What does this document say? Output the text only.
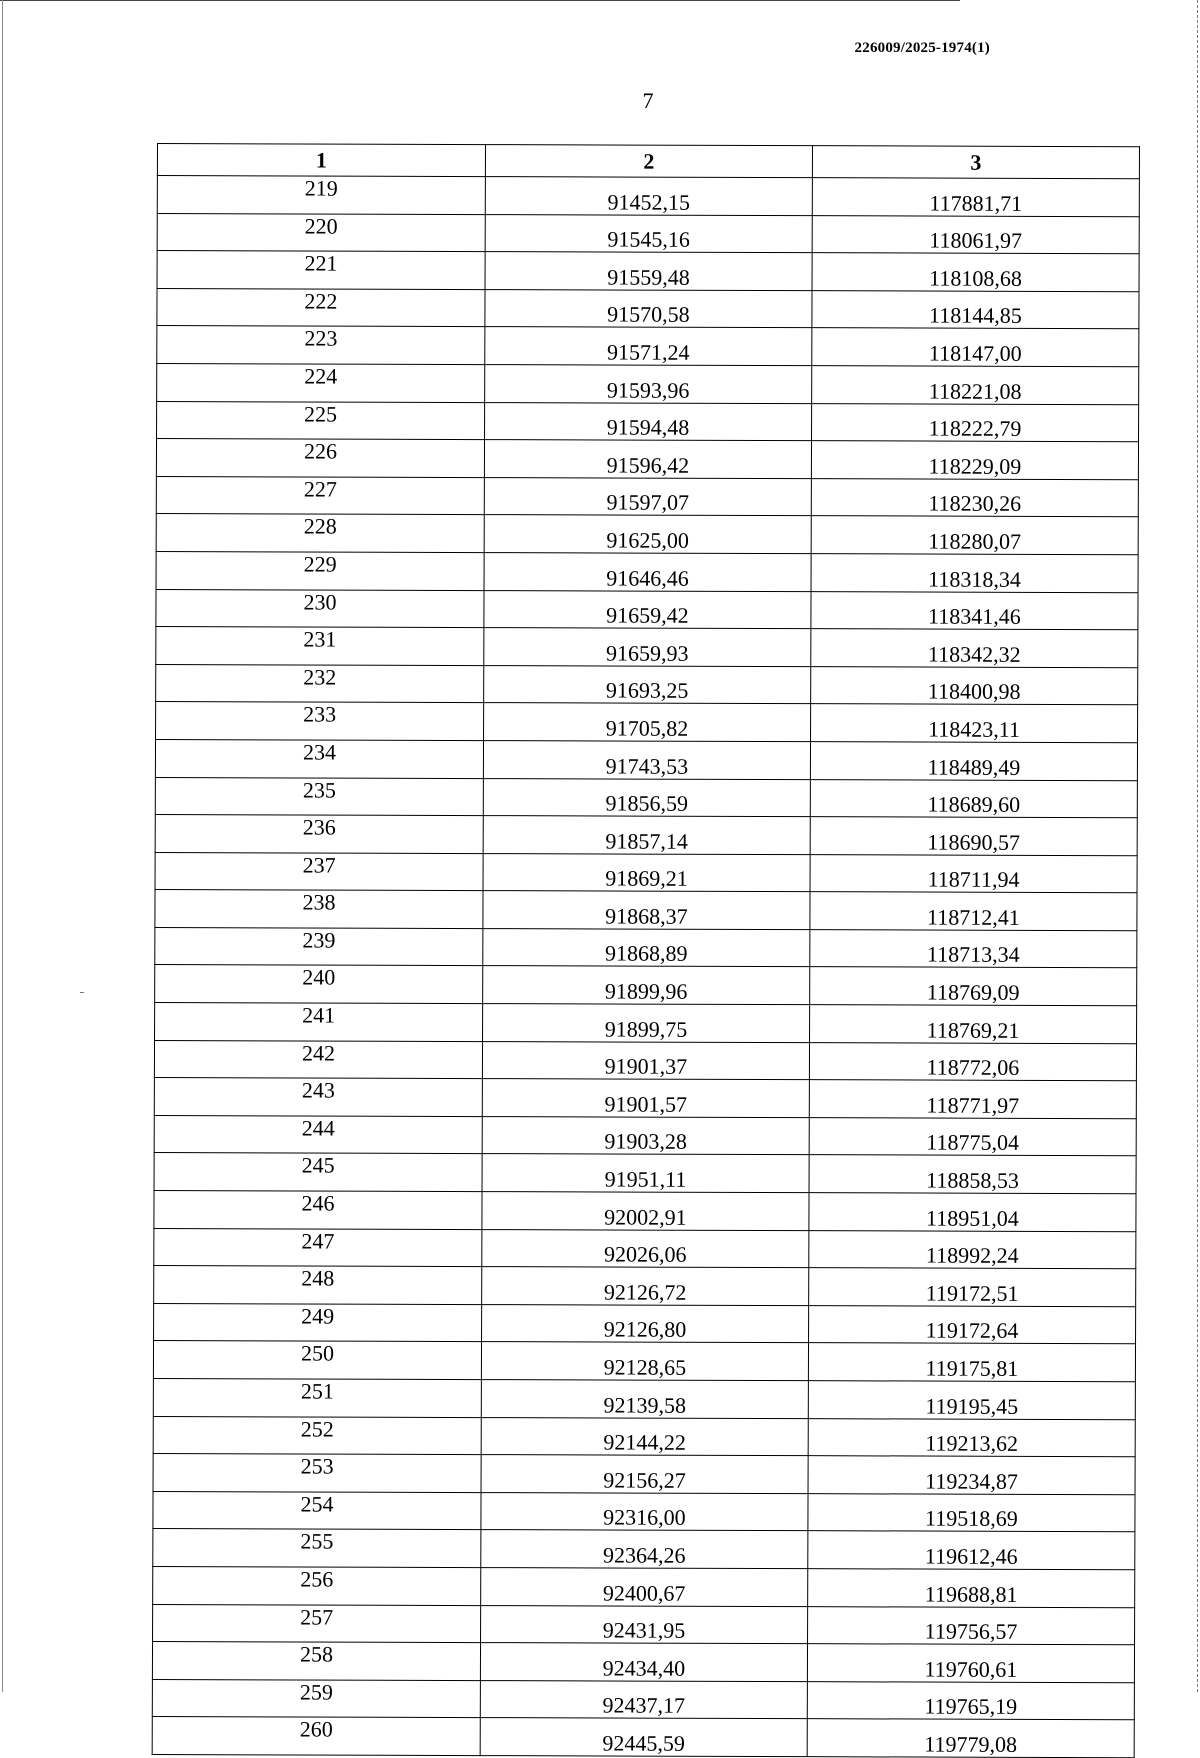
226009/2025-1974(1)
7
1	2	3
219	91452,15	117881,71
220	91545,16	118061,97
221	91559,48	118108,68
222	91570,58	118144,85
223	91571,24	118147,00
224	91593,96	118221,08
225	91594,48	118222,79
226	91596,42	118229,09
227	91597,07	118230,26
228	91625,00	118280,07
229	91646,46	118318,34
230	91659,42	118341,46
231	91659,93	118342,32
232	91693,25	118400,98
233	91705,82	118423,11
234	91743,53	118489,49
235	91856,59	118689,60
236	91857,14	118690,57
237	91869,21	118711,94
238	91868,37	118712,41
239	91868,89	118713,34
240	91899,96	118769,09
241	91899,75	118769,21
242	91901,37	118772,06
243	91901,57	118771,97
244	91903,28	118775,04
245	91951,11	118858,53
246	92002,91	118951,04
247	92026,06	118992,24
248	92126,72	119172,51
249	92126,80	119172,64
250	92128,65	119175,81
251	92139,58	119195,45
252	92144,22	119213,62
253	92156,27	119234,87
254	92316,00	119518,69
255	92364,26	119612,46
256	92400,67	119688,81
257	92431,95	119756,57
258	92434,40	119760,61
259	92437,17	119765,19
260	92445,59	119779,08
